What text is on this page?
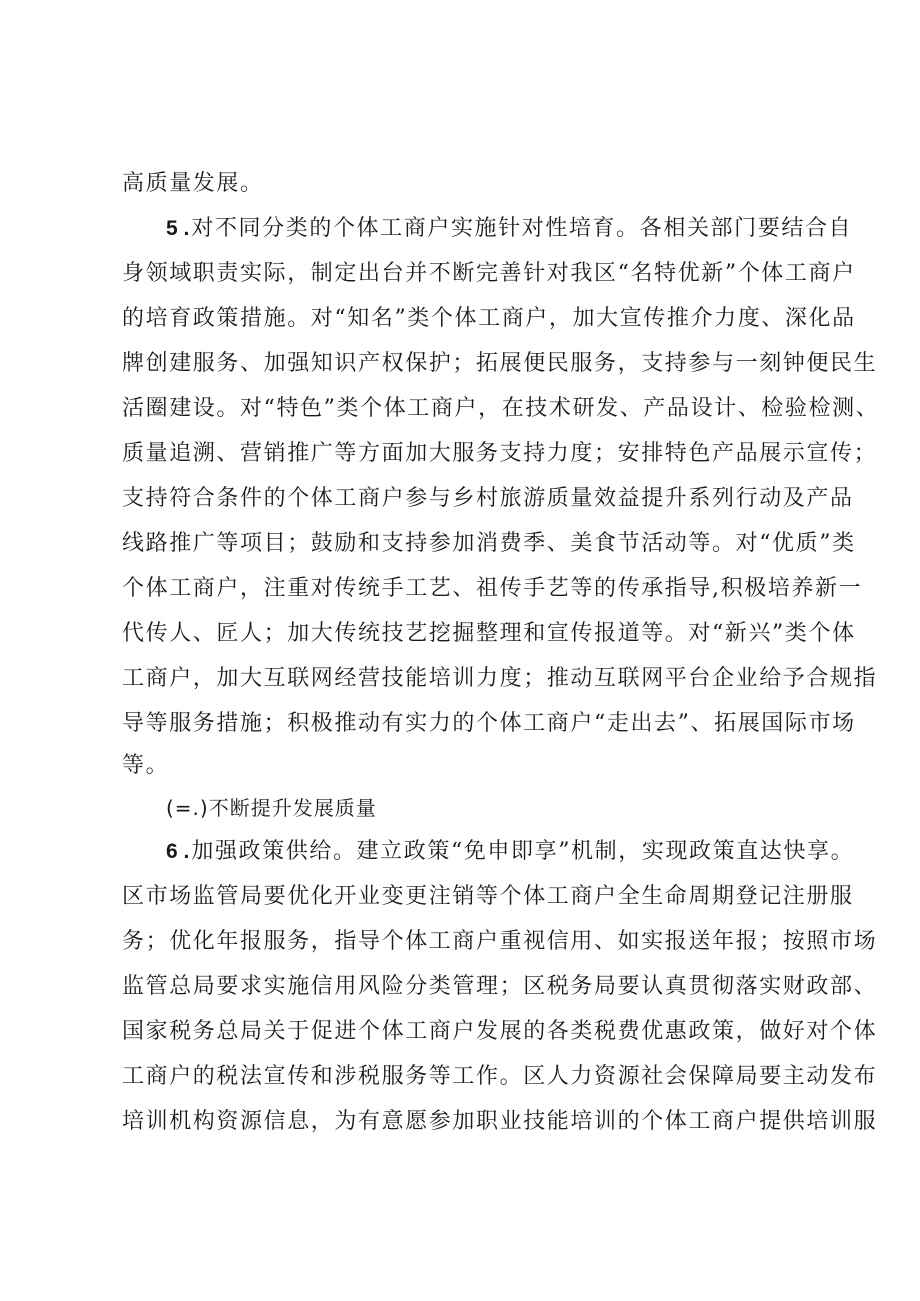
高质量发展。
5 .对不同分类的个体工商户实施针对性培育。各相关部门要结合自
身领域职责实际，制定出台并不断完善针对我区“名特优新”个体工商户
的培育政策措施。对“知名”类个体工商户，加大宣传推介力度、深化品
牌创建服务、加强知识产权保护；拓展便民服务，支持参与一刻钟便民生
活圈建设。对“特色”类个体工商户，在技术研发、产品设计、检验检测、
质量追溯、营销推广等方面加大服务支持力度；安排特色产品展示宣传；
支持符合条件的个体工商户参与乡村旅游质量效益提升系列行动及产品
线路推广等项目；鼓励和支持参加消费季、美食节活动等。对“优质”类
个体工商户，注重对传统手工艺、祖传手艺等的传承指导,积极培养新一
代传人、匠人；加大传统技艺挖掘整理和宣传报道等。对“新兴”类个体
工商户，加大互联网经营技能培训力度；推动互联网平台企业给予合规指
导等服务措施；积极推动有实力的个体工商户“走出去”、拓展国际市场
等。
(=.)不断提升发展质量
6 .加强政策供给。建立政策“免申即享”机制，实现政策直达快享。
区市场监管局要优化开业变更注销等个体工商户全生命周期登记注册服
务；优化年报服务，指导个体工商户重视信用、如实报送年报；按照市场
监管总局要求实施信用风险分类管理；区税务局要认真贯彻落实财政部、
国家税务总局关于促进个体工商户发展的各类税费优惠政策，做好对个体
工商户的税法宣传和涉税服务等工作。区人力资源社会保障局要主动发布
培训机构资源信息，为有意愿参加职业技能培训的个体工商户提供培训服
